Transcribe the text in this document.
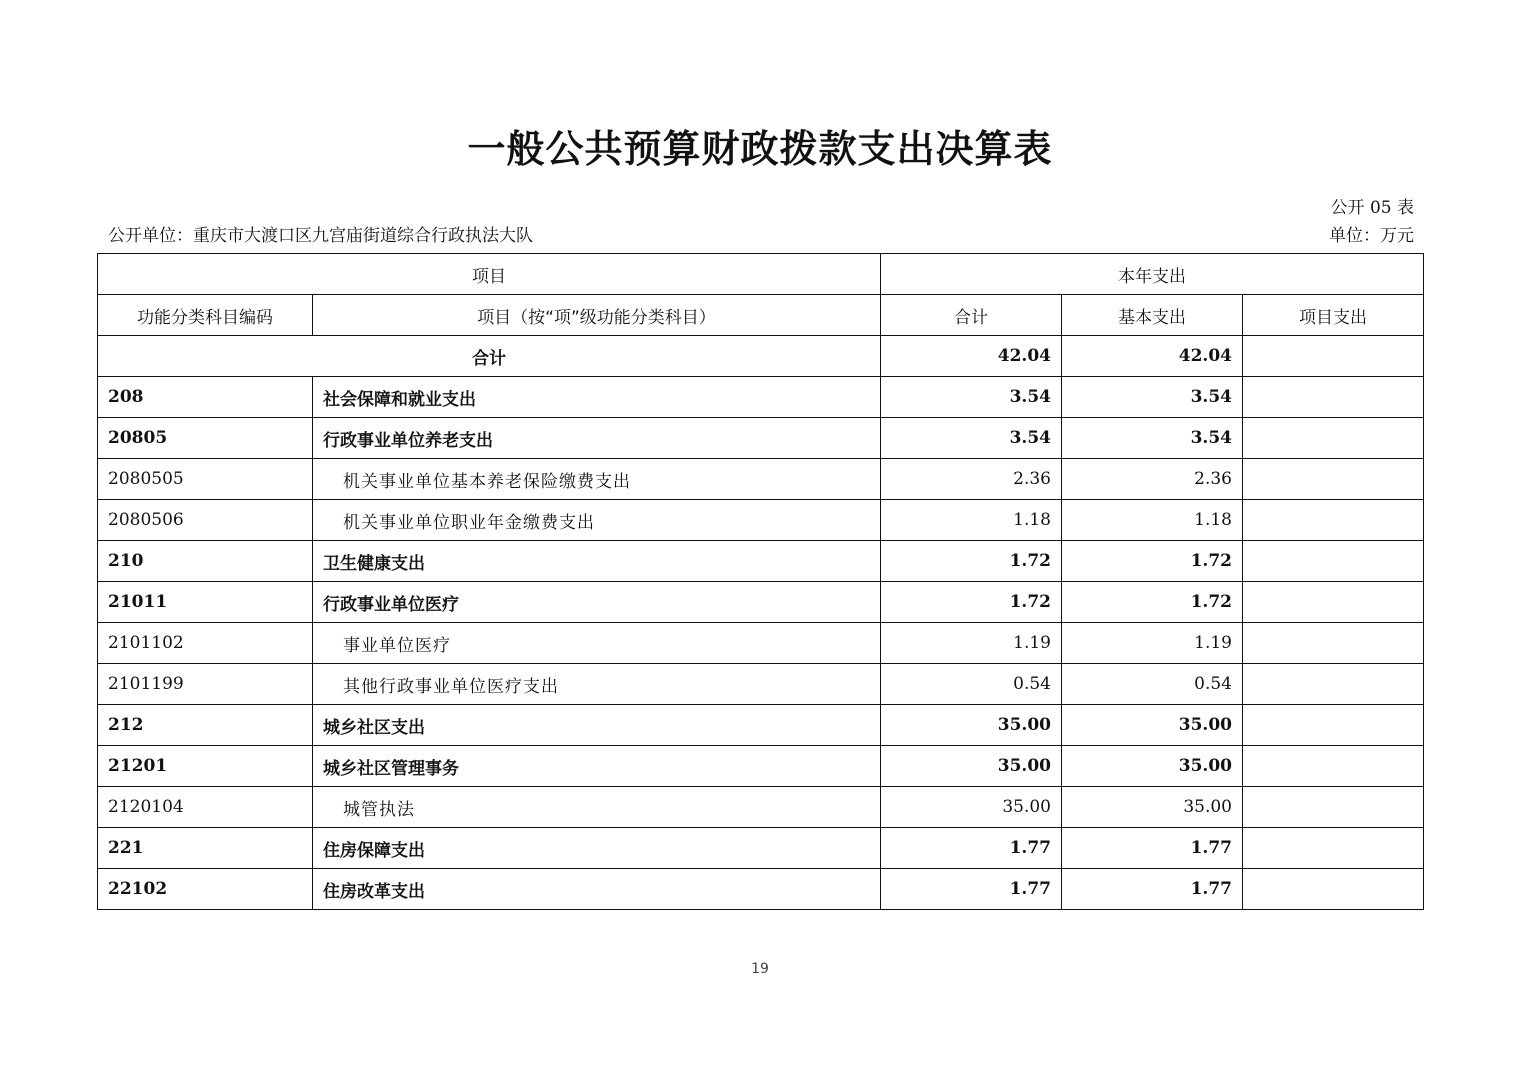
一般公共预算财政拨款支出决算表
公开 05 表
公开单位：重庆市大渡口区九宫庙街道综合行政执法大队	单位：万元
项目		本年支出		
功能分类科目编码	项目（按“项”级功能分类科目）	合计	基本支出	项目支出
合计		42.04	42.04	
208	社会保障和就业支出	3.54	3.54	
20805	行政事业单位养老支出	3.54	3.54	
2080505	机关事业单位基本养老保险缴费支出	2.36	2.36	
2080506	机关事业单位职业年金缴费支出	1.18	1.18	
210	卫生健康支出	1.72	1.72	
21011	行政事业单位医疗	1.72	1.72	
2101102	事业单位医疗	1.19	1.19	
2101199	其他行政事业单位医疗支出	0.54	0.54	
212	城乡社区支出	35.00	35.00	
21201	城乡社区管理事务	35.00	35.00	
2120104	城管执法	35.00	35.00	
221	住房保障支出	1.77	1.77	
22102	住房改革支出	1.77	1.77	
19
